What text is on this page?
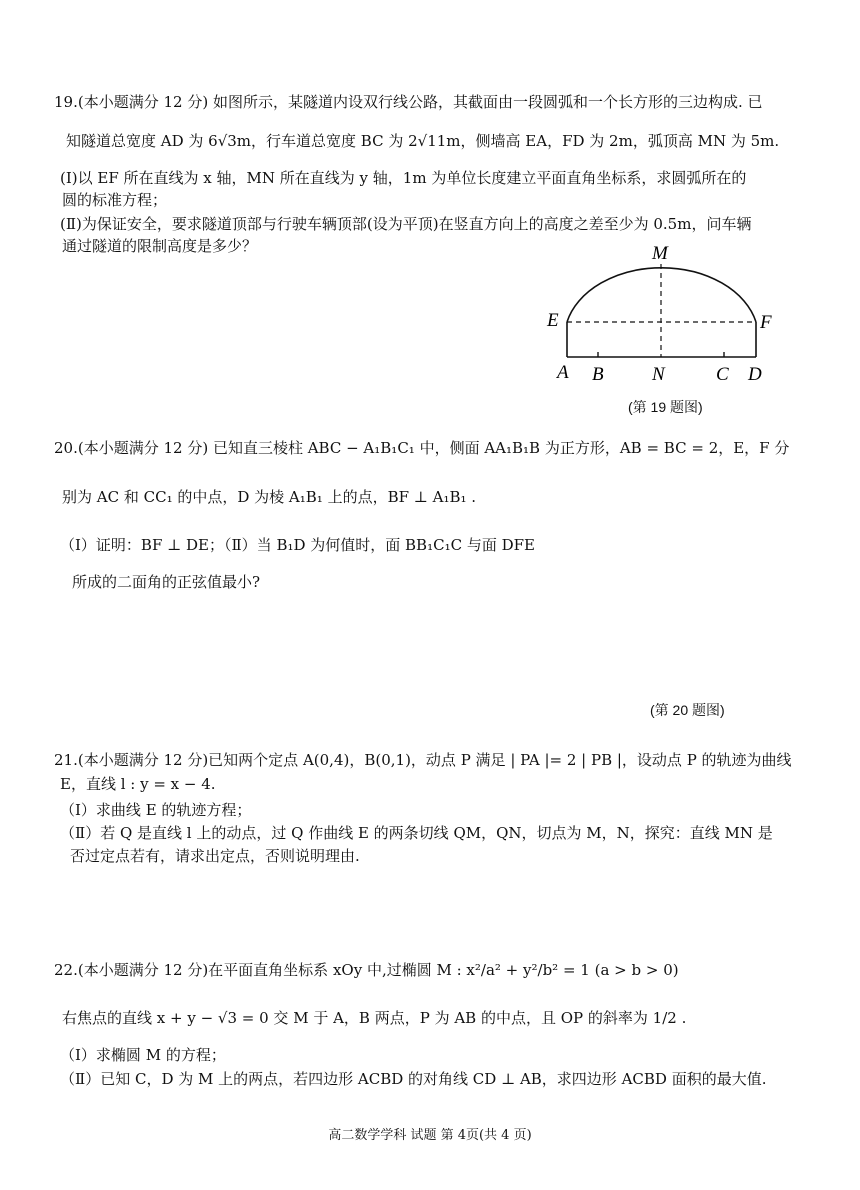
19.(本小题满分 12 分) 如图所示，某隧道内设双行线公路，其截面由一段圆弧和一个长方形的三边构成. 已
知隧道总宽度 AD 为 6√3m，行车道总宽度 BC 为 2√11m，侧墙高 EA，FD 为 2m，弧顶高 MN 为 5m.
(Ⅰ)以 EF 所在直线为 x 轴，MN 所在直线为 y 轴，1m 为单位长度建立平面直角坐标系，求圆弧所在的
圆的标准方程；
(Ⅱ)为保证安全，要求隧道顶部与行驶车辆顶部(设为平顶)在竖直方向上的高度之差至少为 0.5m，问车辆
通过隧道的限制高度是多少？	M
E	F
A B	N	C D
(第 19 题图)
20.(本小题满分 12 分) 已知直三棱柱 ABC − A₁B₁C₁ 中，侧面 AA₁B₁B 为正方形，AB = BC = 2，E，F 分
别为 AC 和 CC₁ 的中点，D 为棱 A₁B₁ 上的点，BF ⊥ A₁B₁ .
（Ⅰ）证明：BF ⊥ DE；（Ⅱ）当 B₁D 为何值时，面 BB₁C₁C 与面 DFE
所成的二面角的正弦值最小?
(第 20 题图)
21.(本小题满分 12 分)已知两个定点 A(0,4)，B(0,1)，动点 P 满足 | PA |= 2 | PB |，设动点 P 的轨迹为曲线
E，直线 l : y = x − 4.
（Ⅰ）求曲线 E 的轨迹方程；
（Ⅱ）若 Q 是直线 l 上的动点，过 Q 作曲线 E 的两条切线 QM，QN，切点为 M，N，探究：直线 MN 是
否过定点若有，请求出定点，否则说明理由.
22.(本小题满分 12 分)在平面直角坐标系 xOy 中,过椭圆 M : x²/a² + y²/b² = 1 (a > b > 0)
右焦点的直线 x + y − √3 = 0 交 M 于 A，B 两点，P 为 AB 的中点，且 OP 的斜率为 1/2 .
（Ⅰ）求椭圆 M 的方程；
（Ⅱ）已知 C，D 为 M 上的两点，若四边形 ACBD 的对角线 CD ⊥ AB，求四边形 ACBD 面积的最大值.
高二数学学科 试题 第 4页(共 4 页)
